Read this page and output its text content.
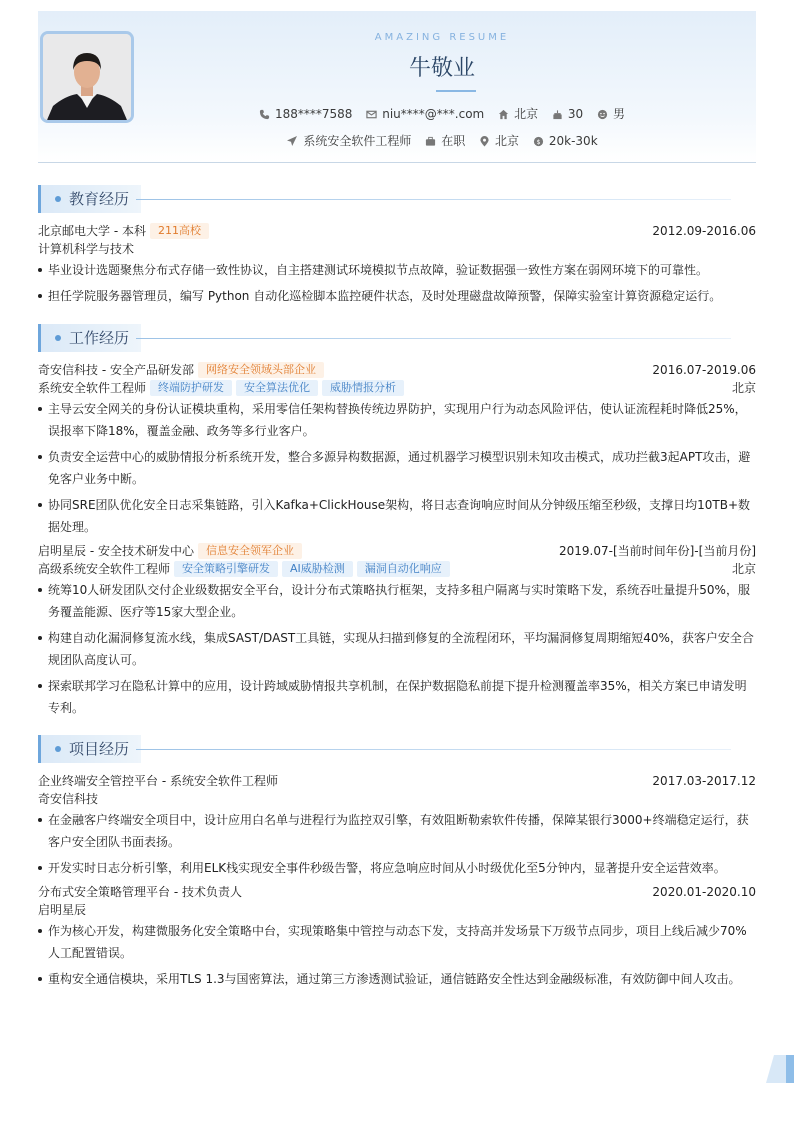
AMAZING RESUME
牛敬业
188****7588 niu****@***.com 北京 30 男
系统安全软件工程师 在职 北京 $ 20k-30k
教育经历
北京邮电大学 - 本科 211高校	2012.09-2016.06
计算机科学与技术
毕业设计选题聚焦分布式存储一致性协议，自主搭建测试环境模拟节点故障，验证数据强一致性方案在弱网环境下的可靠性。
担任学院服务器管理员，编写 Python 自动化巡检脚本监控硬件状态，及时处理磁盘故障预警，保障实验室计算资源稳定运行。
工作经历
奇安信科技 - 安全产品研发部 网络安全领域头部企业	2016.07-2019.06
系统安全软件工程师 终端防护研发 安全算法优化 威胁情报分析	北京
主导云安全网关的身份认证模块重构，采用零信任架构替换传统边界防护，实现用户行为动态风险评估，使认证流程耗时降低25%，误报率下降18%，覆盖金融、政务等多行业客户。
负责安全运营中心的威胁情报分析系统开发，整合多源异构数据源，通过机器学习模型识别未知攻击模式，成功拦截3起APT攻击，避免客户业务中断。
协同SRE团队优化安全日志采集链路，引入Kafka+ClickHouse架构，将日志查询响应时间从分钟级压缩至秒级，支撑日均10TB+数据处理。
启明星辰 - 安全技术研发中心 信息安全领军企业	2019.07-[当前时间年份]-[当前月份]
高级系统安全软件工程师 安全策略引擎研发 AI威胁检测 漏洞自动化响应	北京
统筹10人研发团队交付企业级数据安全平台，设计分布式策略执行框架，支持多租户隔离与实时策略下发，系统吞吐量提升50%，服务覆盖能源、医疗等15家大型企业。
构建自动化漏洞修复流水线，集成SAST/DAST工具链，实现从扫描到修复的全流程闭环，平均漏洞修复周期缩短40%，获客户安全合规团队高度认可。
探索联邦学习在隐私计算中的应用，设计跨域威胁情报共享机制，在保护数据隐私前提下提升检测覆盖率35%，相关方案已申请发明专利。
项目经历
企业终端安全管控平台 - 系统安全软件工程师	2017.03-2017.12
奇安信科技
在金融客户终端安全项目中，设计应用白名单与进程行为监控双引擎，有效阻断勒索软件传播，保障某银行3000+终端稳定运行，获客户安全团队书面表扬。
开发实时日志分析引擎，利用ELK栈实现安全事件秒级告警，将应急响应时间从小时级优化至5分钟内，显著提升安全运营效率。
分布式安全策略管理平台 - 技术负责人	2020.01-2020.10
启明星辰
作为核心开发，构建微服务化安全策略中台，实现策略集中管控与动态下发，支持高并发场景下万级节点同步，项目上线后减少70%人工配置错误。
重构安全通信模块，采用TLS 1.3与国密算法，通过第三方渗透测试验证，通信链路安全性达到金融级标准，有效防御中间人攻击。
